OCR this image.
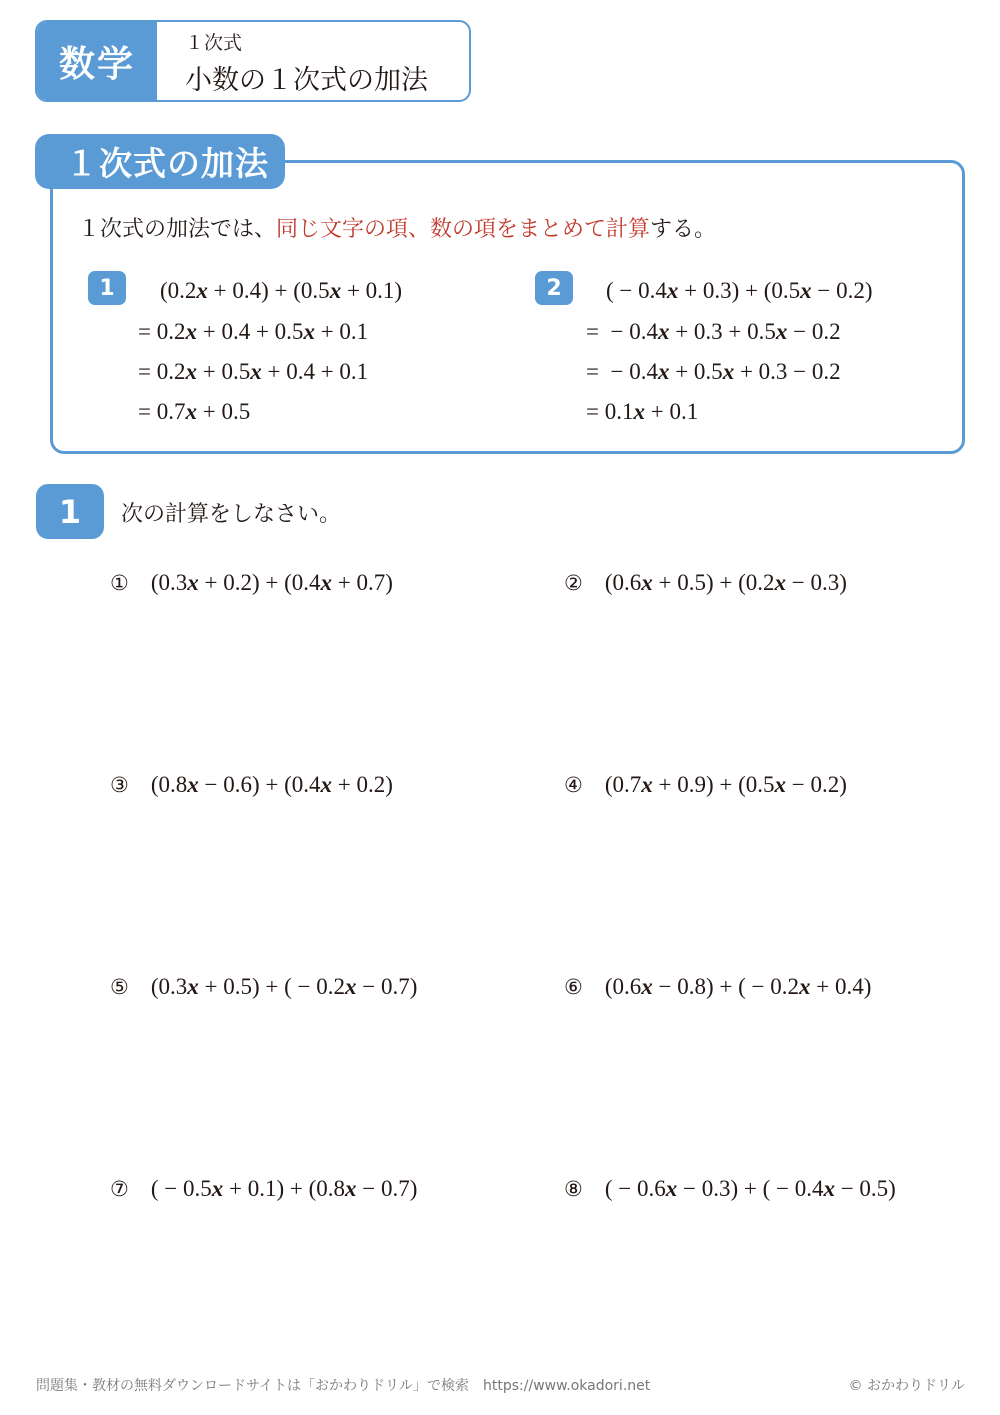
数学
１次式
小数の１次式の加法
１次式の加法
１次式の加法では、同じ文字の項、数の項をまとめて計算する。
1	2
(0.2x + 0.4) + (0.5x + 0.1)
= 0.2x + 0.4 + 0.5x + 0.1
= 0.2x + 0.5x + 0.4 + 0.1
= 0.7x + 0.5
( − 0.4x + 0.3) + (0.5x − 0.2)
=  − 0.4x + 0.3 + 0.5x − 0.2
=  − 0.4x + 0.5x + 0.3 − 0.2
= 0.1x + 0.1
1	次の計算をしなさい。
① (0.3x + 0.2) + (0.4x + 0.7)	② (0.6x + 0.5) + (0.2x − 0.3)
③ (0.8x − 0.6) + (0.4x + 0.2)	④ (0.7x + 0.9) + (0.5x − 0.2)
⑤ (0.3x + 0.5) + ( − 0.2x − 0.7)	⑥ (0.6x − 0.8) + ( − 0.2x + 0.4)
⑦ ( − 0.5x + 0.1) + (0.8x − 0.7)	⑧ ( − 0.6x − 0.3) + ( − 0.4x − 0.5)
問題集・教材の無料ダウンロードサイトは「おかわりドリル」で検索　https://www.okadori.net	© おかわりドリル
